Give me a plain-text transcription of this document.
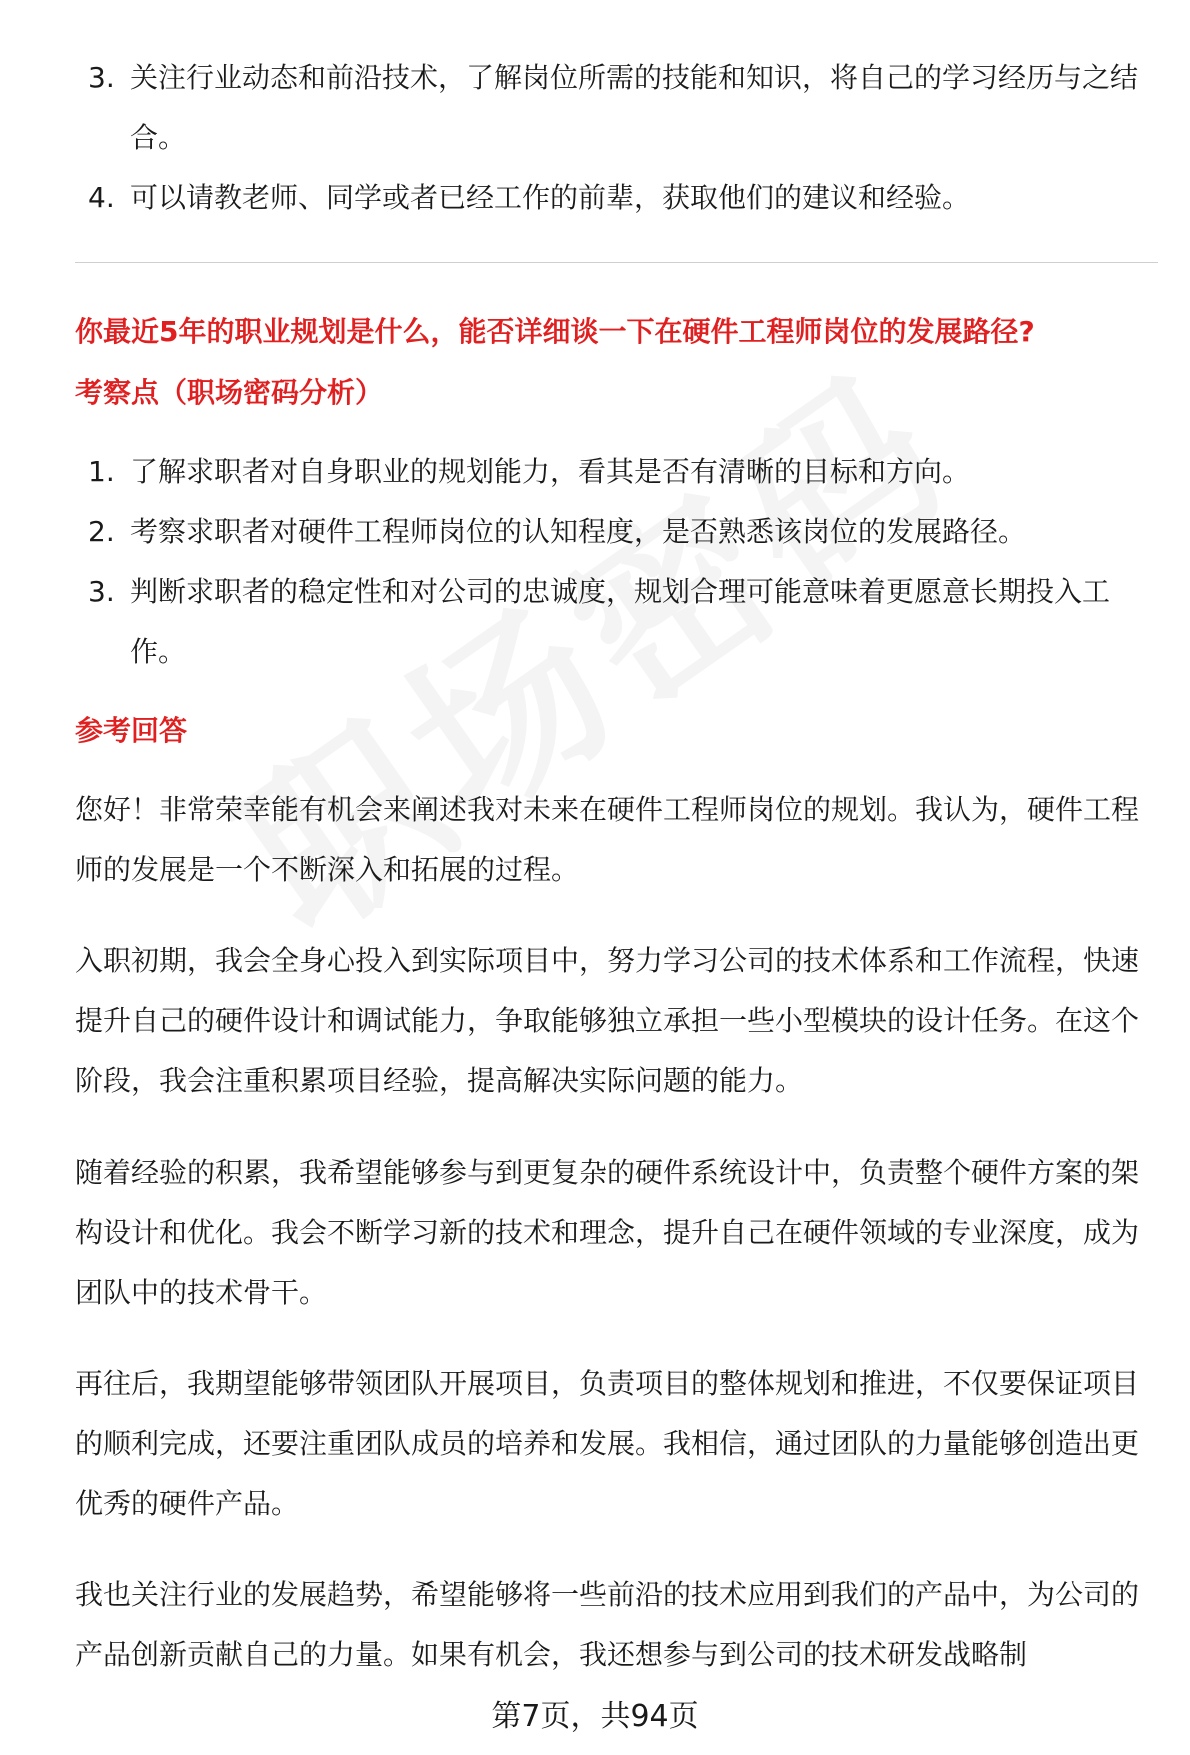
3. 关注行业动态和前沿技术，了解岗位所需的技能和知识，将自己的学习经历与之结合。
4. 可以请教老师、同学或者已经工作的前辈，获取他们的建议和经验。
你最近5年的职业规划是什么，能否详细谈一下在硬件工程师岗位的发展路径?
考察点（职场密码分析）
1. 了解求职者对自身职业的规划能力，看其是否有清晰的目标和方向。
2. 考察求职者对硬件工程师岗位的认知程度，是否熟悉该岗位的发展路径。
3. 判断求职者的稳定性和对公司的忠诚度，规划合理可能意味着更愿意长期投入工作。
参考回答

您好！非常荣幸能有机会来阐述我对未来在硬件工程师岗位的规划。我认为，硬件工程师的发展是一个不断深入和拓展的过程。

入职初期，我会全身心投入到实际项目中，努力学习公司的技术体系和工作流程，快速提升自己的硬件设计和调试能力，争取能够独立承担一些小型模块的设计任务。在这个阶段，我会注重积累项目经验，提高解决实际问题的能力。

随着经验的积累，我希望能够参与到更复杂的硬件系统设计中，负责整个硬件方案的架构设计和优化。我会不断学习新的技术和理念，提升自己在硬件领域的专业深度，成为团队中的技术骨干。

再往后，我期望能够带领团队开展项目，负责项目的整体规划和推进，不仅要保证项目的顺利完成，还要注重团队成员的培养和发展。我相信，通过团队的力量能够创造出更优秀的硬件产品。

我也关注行业的发展趋势，希望能够将一些前沿的技术应用到我们的产品中，为公司的产品创新贡献自己的力量。如果有机会，我还想参与到公司的技术研发战略制

第7页，共94页
